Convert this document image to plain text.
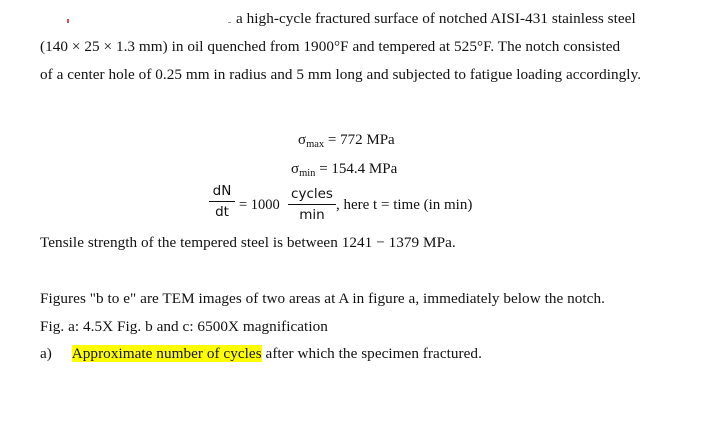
a high-cycle fractured surface of notched AISI-431 stainless steel
(140 × 25 × 1.3 mm) in oil quenched from 1900°F and tempered at 525°F. The notch consisted
of a center hole of 0.25 mm in radius and 5 mm long and subjected to fatigue loading accordingly.
$\sigma_{max} = 772$ MPa
$\sigma_{min} = 154.4$ MPa
dN
dt = 1000
cycles
min
, here t = time (in min)
Tensile strength of the tempered steel is between 1241 − 1379 MPa.
Figures "b to e" are TEM images of two areas at A in figure a, immediately below the notch.
Fig. a: 4.5X Fig. b and c: 6500X magnification
a) Approximate number of cycles after which the specimen fractured.
